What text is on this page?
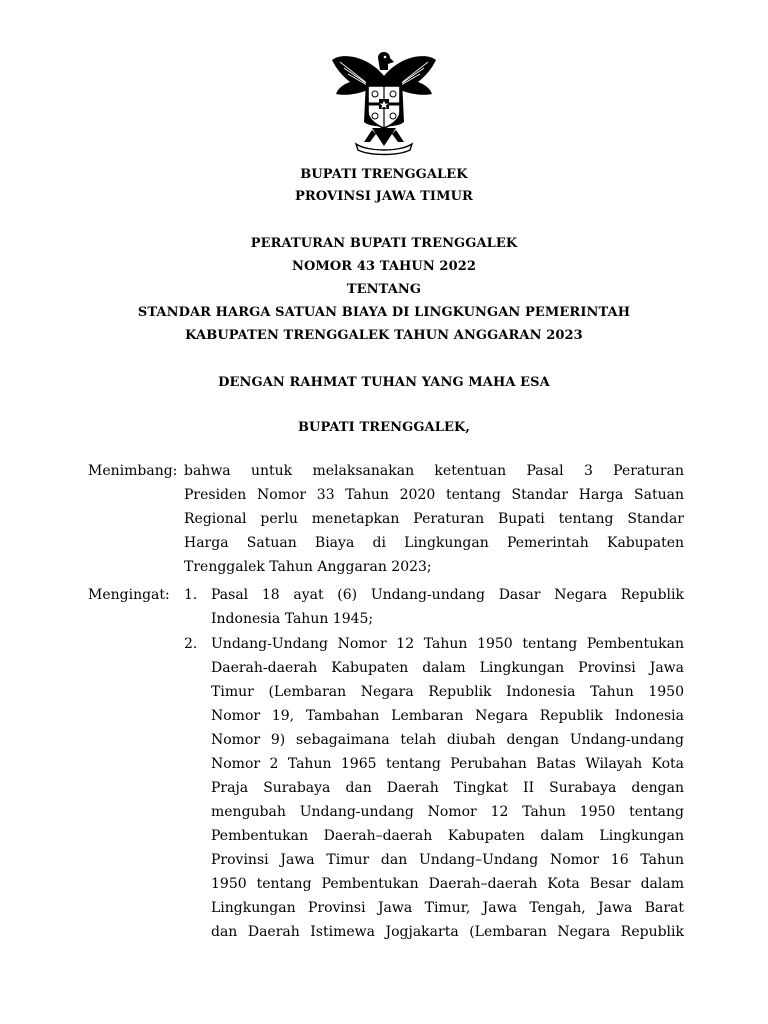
BUPATI TRENGGALEK
PROVINSI JAWA TIMUR
PERATURAN BUPATI TRENGGALEK
NOMOR 43 TAHUN 2022
TENTANG
STANDAR HARGA SATUAN BIAYA DI LINGKUNGAN PEMERINTAH
KABUPATEN TRENGGALEK TAHUN ANGGARAN 2023
DENGAN RAHMAT TUHAN YANG MAHA ESA
BUPATI TRENGGALEK,
Menimbang: bahwa untuk melaksanakan ketentuan Pasal 3 Peraturan
Presiden Nomor 33 Tahun 2020 tentang Standar Harga Satuan
Regional perlu menetapkan Peraturan Bupati tentang Standar
Harga Satuan Biaya di Lingkungan Pemerintah Kabupaten
Trenggalek Tahun Anggaran 2023;
Mengingat: 1. Pasal 18 ayat (6) Undang-undang Dasar Negara Republik
Indonesia Tahun 1945;
2. Undang-Undang Nomor 12 Tahun 1950 tentang Pembentukan
Daerah-daerah Kabupaten dalam Lingkungan Provinsi Jawa
Timur (Lembaran Negara Republik Indonesia Tahun 1950
Nomor 19, Tambahan Lembaran Negara Republik Indonesia
Nomor 9) sebagaimana telah diubah dengan Undang-undang
Nomor 2 Tahun 1965 tentang Perubahan Batas Wilayah Kota
Praja Surabaya dan Daerah Tingkat II Surabaya dengan
mengubah Undang-undang Nomor 12 Tahun 1950 tentang
Pembentukan Daerah–daerah Kabupaten dalam Lingkungan
Provinsi Jawa Timur dan Undang–Undang Nomor 16 Tahun
1950 tentang Pembentukan Daerah–daerah Kota Besar dalam
Lingkungan Provinsi Jawa Timur, Jawa Tengah, Jawa Barat
dan Daerah Istimewa Jogjakarta (Lembaran Negara Republik
